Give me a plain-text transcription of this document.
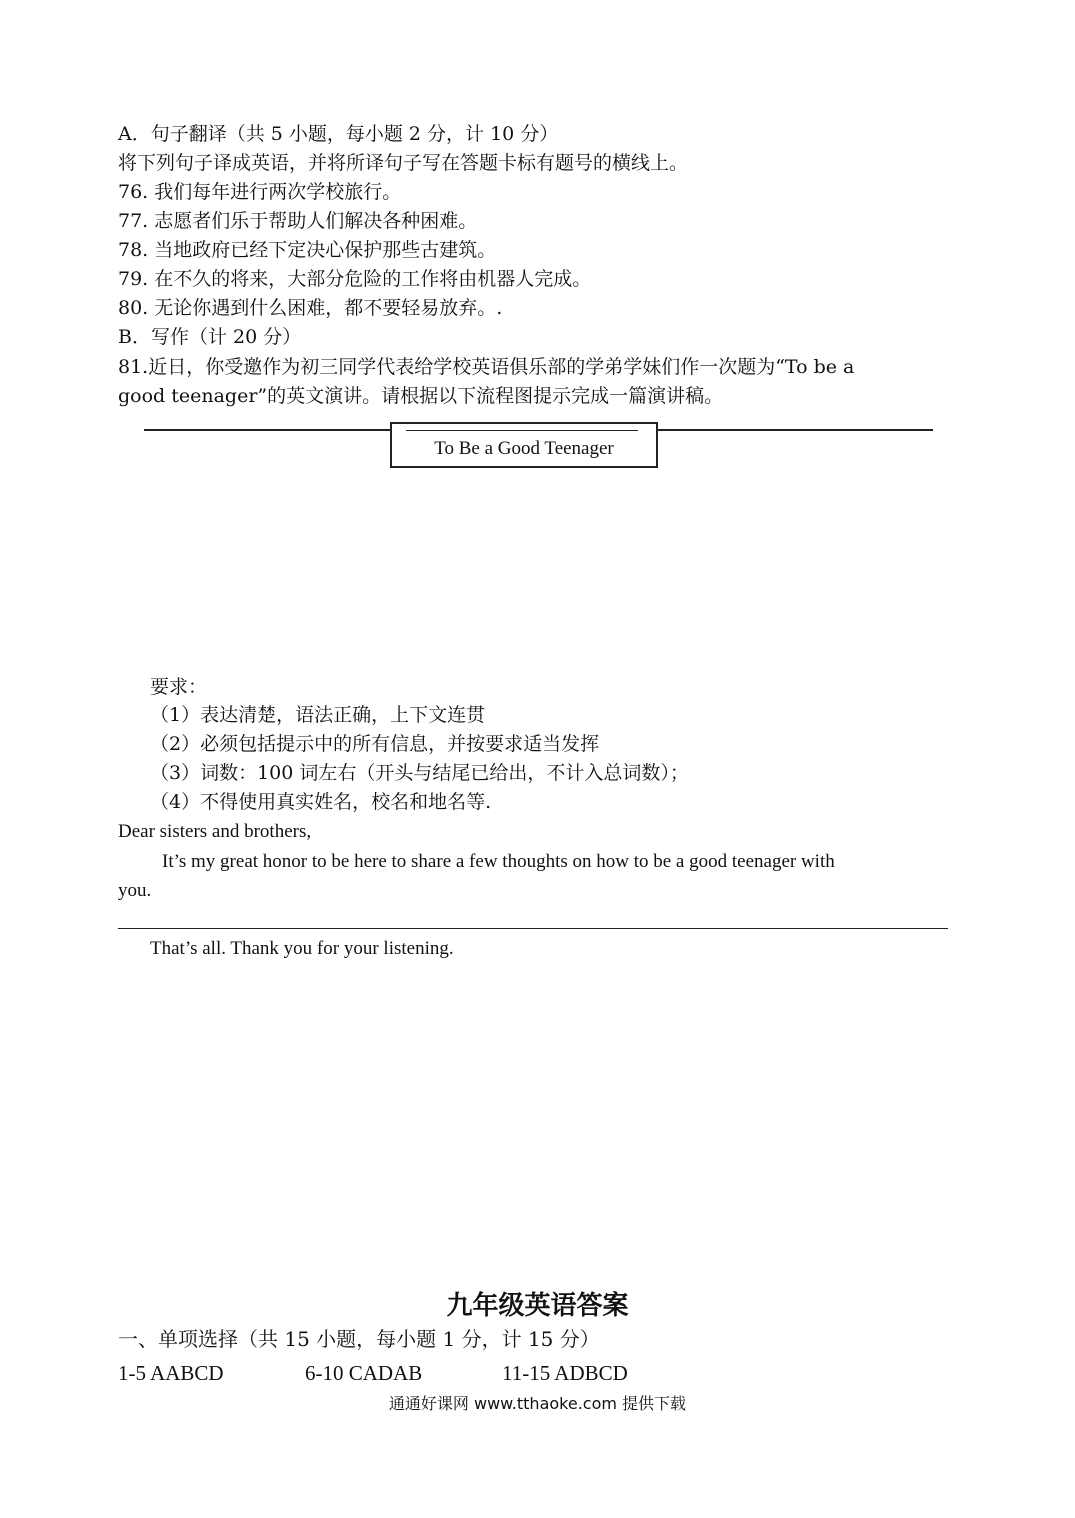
A．句子翻译（共 5 小题，每小题 2 分，计 10 分）
将下列句子译成英语，并将所译句子写在答题卡标有题号的横线上。
76. 我们每年进行两次学校旅行。
77. 志愿者们乐于帮助人们解决各种困难。
78. 当地政府已经下定决心保护那些古建筑。
79. 在不久的将来，大部分危险的工作将由机器人完成。
80. 无论你遇到什么困难，都不要轻易放弃。.
B．写作（计 20 分）
81.近日，你受邀作为初三同学代表给学校英语俱乐部的学弟学妹们作一次题为“To be a
good teenager”的英文演讲。请根据以下流程图提示完成一篇演讲稿。
To Be a Good Teenager
要求：
（1）表达清楚，语法正确，上下文连贯
（2）必须包括提示中的所有信息，并按要求适当发挥
（3）词数：100 词左右（开头与结尾已给出，不计入总词数）；
（4）不得使用真实姓名，校名和地名等.
Dear sisters and brothers,
It’s my great honor to be here to share a few thoughts on how to be a good teenager with
you.
That’s all. Thank you for your listening.
九年级英语答案
一、单项选择（共 15 小题，每小题 1 分，计 15 分）
1-5 AABCD	6-10 CADAB	11-15 ADBCD
通通好课网 www.tthaoke.com 提供下载
